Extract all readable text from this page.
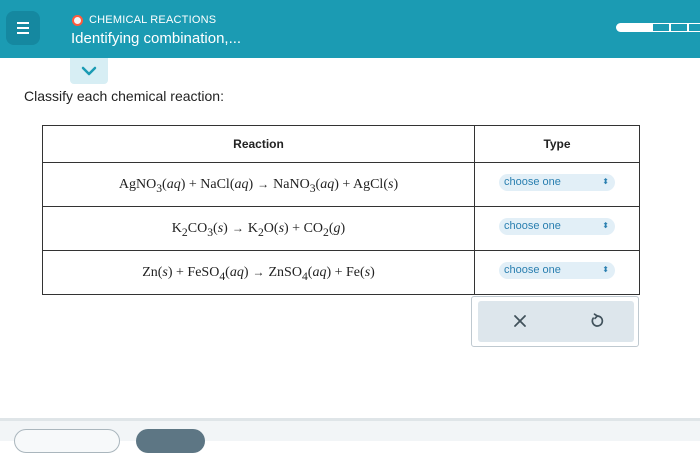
CHEMICAL REACTIONS
Identifying combination,...
Classify each chemical reaction:
Reaction	Type
AgNO$_3$(aq) + NaCl(aq) → NaNO$_3$(aq) + AgCl(s)	choose one ⬍

$K_2CO_3(s) \to K_2O(s) + CO_2(g)$	choose one ⬍

Zn(s) + FeSO$_4$(aq) → ZnSO$_4$(aq) + Fe(s)	choose one ⬍
